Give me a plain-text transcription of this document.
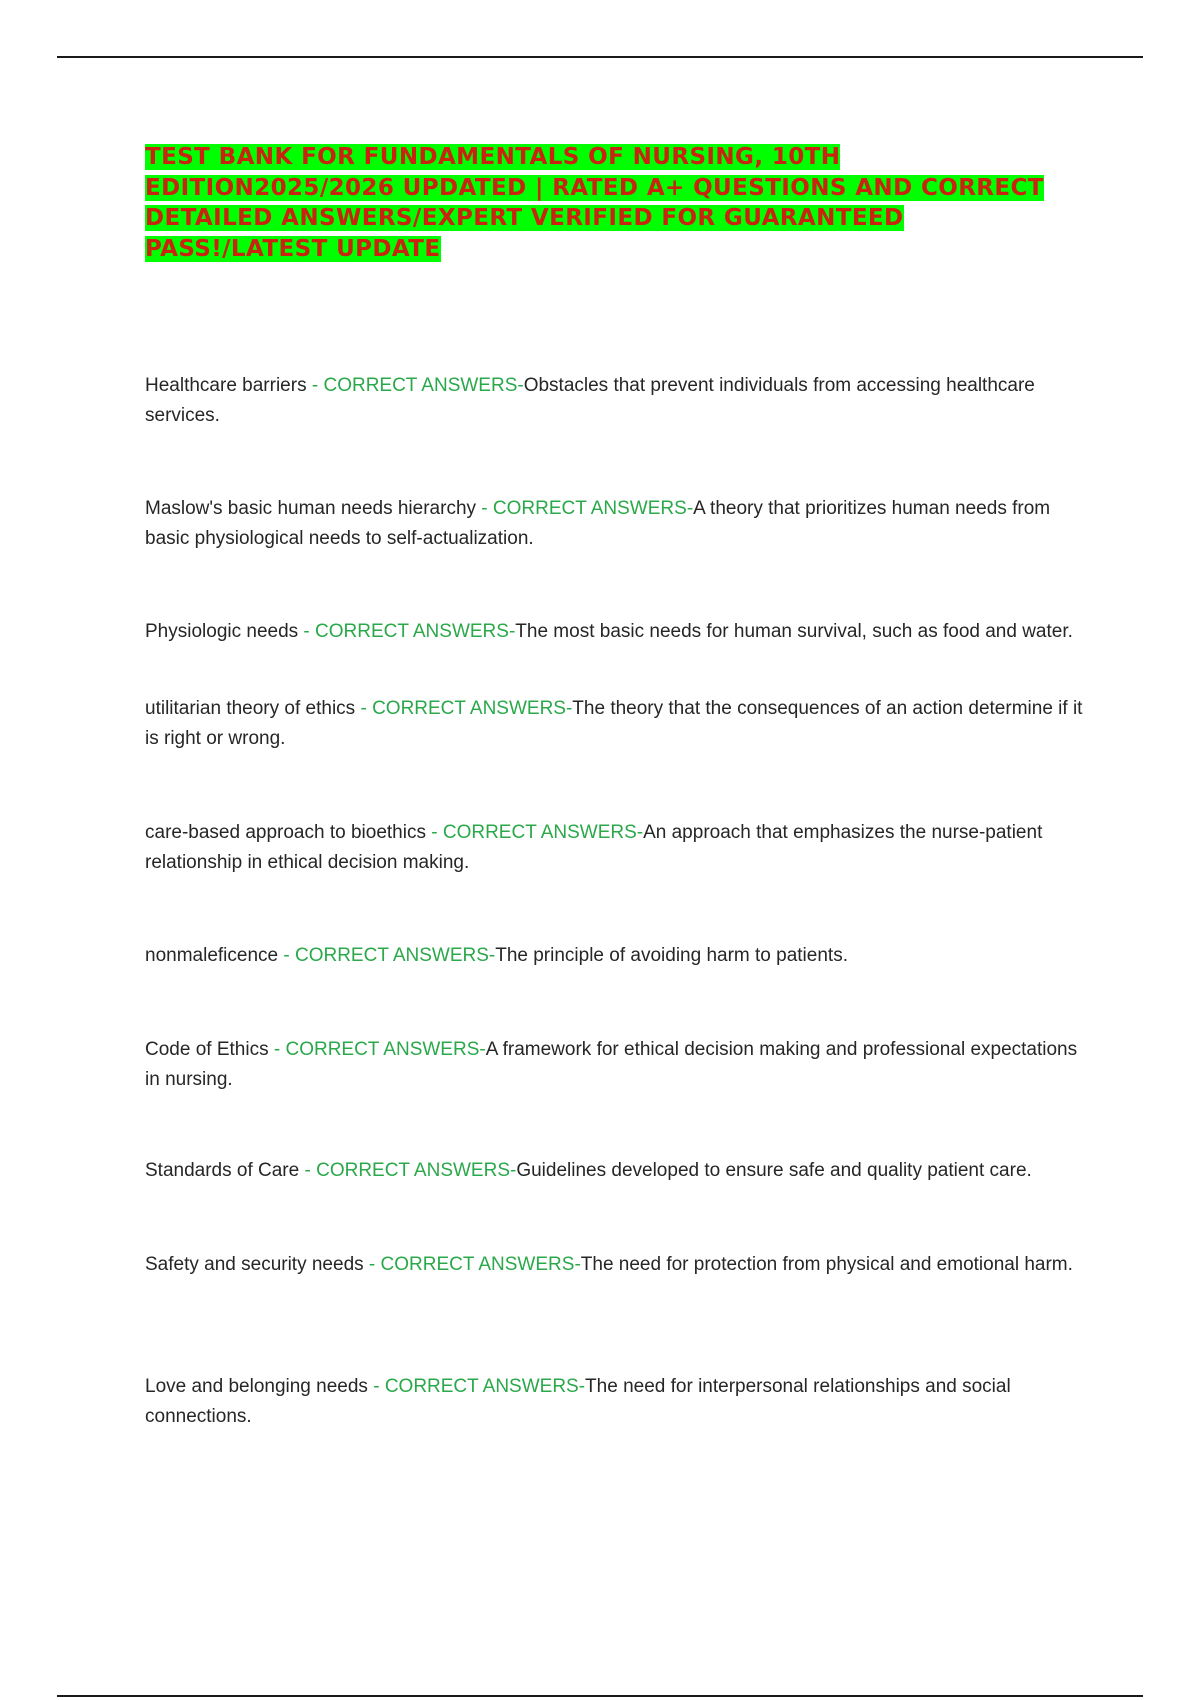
TEST BANK FOR FUNDAMENTALS OF NURSING, 10TH EDITION2025/2026 UPDATED | RATED A+ QUESTIONS AND CORRECT DETAILED ANSWERS/EXPERT VERIFIED FOR GUARANTEED PASS!/LATEST UPDATE
Healthcare barriers - CORRECT ANSWERS-Obstacles that prevent individuals from accessing healthcare services.
Maslow's basic human needs hierarchy - CORRECT ANSWERS-A theory that prioritizes human needs from basic physiological needs to self-actualization.
Physiologic needs - CORRECT ANSWERS-The most basic needs for human survival, such as food and water.
utilitarian theory of ethics - CORRECT ANSWERS-The theory that the consequences of an action determine if it is right or wrong.
care-based approach to bioethics - CORRECT ANSWERS-An approach that emphasizes the nurse-patient relationship in ethical decision making.
nonmaleficence - CORRECT ANSWERS-The principle of avoiding harm to patients.
Code of Ethics - CORRECT ANSWERS-A framework for ethical decision making and professional expectations in nursing.
Standards of Care - CORRECT ANSWERS-Guidelines developed to ensure safe and quality patient care.
Safety and security needs - CORRECT ANSWERS-The need for protection from physical and emotional harm.
Love and belonging needs - CORRECT ANSWERS-The need for interpersonal relationships and social connections.
